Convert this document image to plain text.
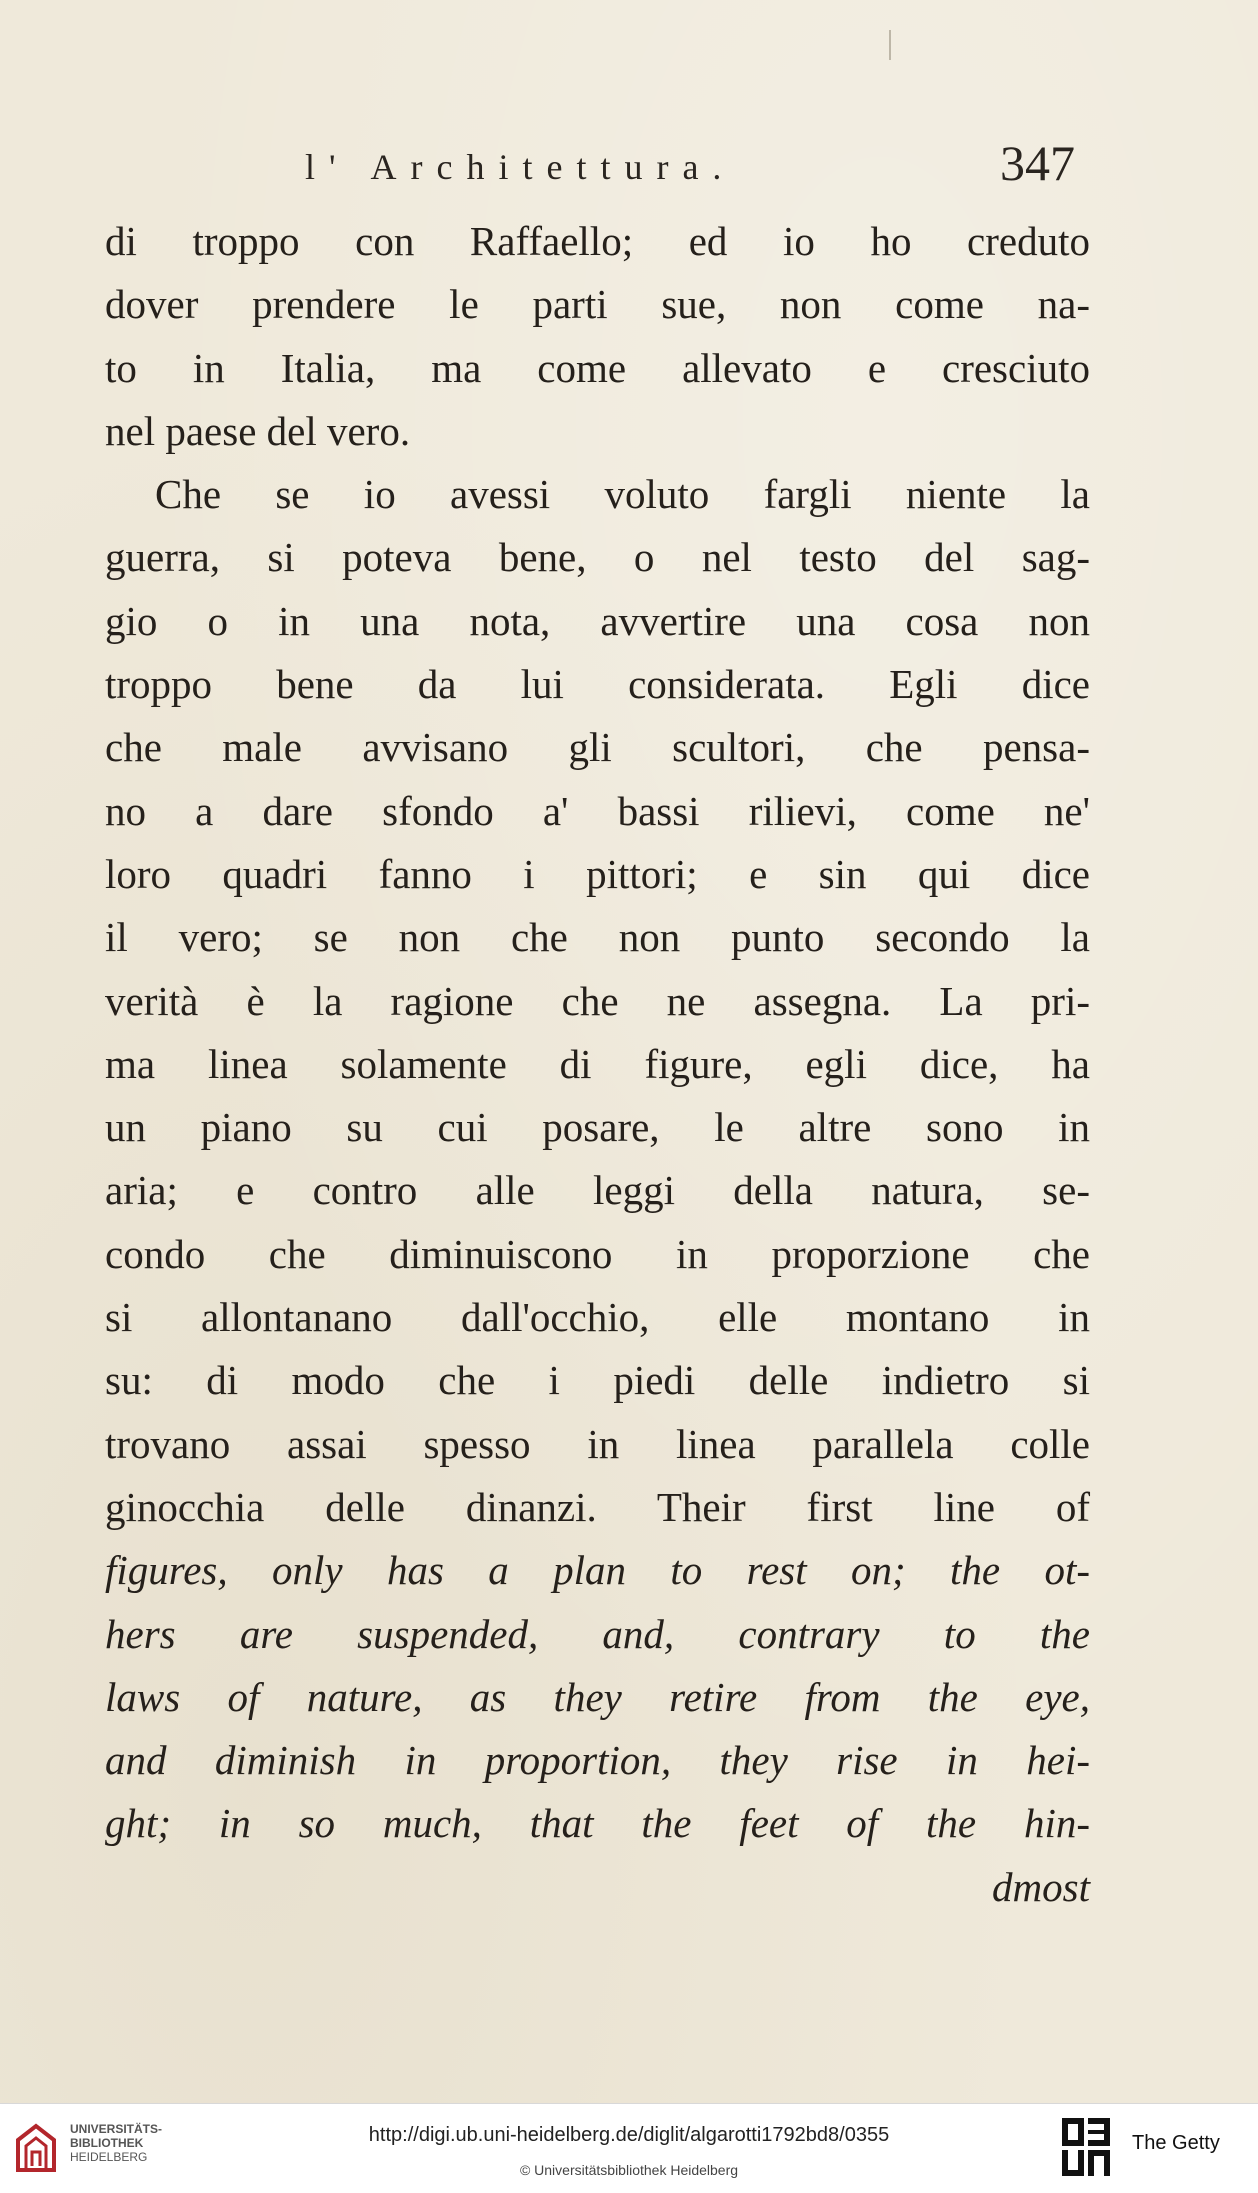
l' Architettura.	347
di troppo con Raffaello; ed io ho creduto
dover prendere le parti sue, non come na-
to in Italia, ma come allevato e cresciuto
nel paese del vero.
Che se io avessi voluto fargli niente la
guerra, si poteva bene, o nel testo del sag-
gio o in una nota, avvertire una cosa non
troppo bene da lui considerata. Egli dice
che male avvisano gli scultori, che pensa-
no a dare sfondo a' bassi rilievi, come ne'
loro quadri fanno i pittori; e sin qui dice
il vero; se non che non punto secondo la
verità è la ragione che ne assegna. La pri-
ma linea solamente di figure, egli dice, ha
un piano su cui posare, le altre sono in
aria; e contro alle leggi della natura, se-
condo che diminuiscono in proporzione che
si allontanano dall'occhio, elle montano in
su: di modo che i piedi delle indietro si
trovano assai spesso in linea parallela colle
ginocchia delle dinanzi. Their first line of
figures, only has a plan to rest on; the ot-
hers are suspended, and, contrary to the
laws of nature, as they retire from the eye,
and diminish in proportion, they rise in hei-
ght; in so much, that the feet of the hin-
dmost
UNIVERSITÄTS-
BIBLIOTHEK
HEIDELBERG
http://digi.ub.uni-heidelberg.de/diglit/algarotti1792bd8/0355
© Universitätsbibliothek Heidelberg
The Getty
